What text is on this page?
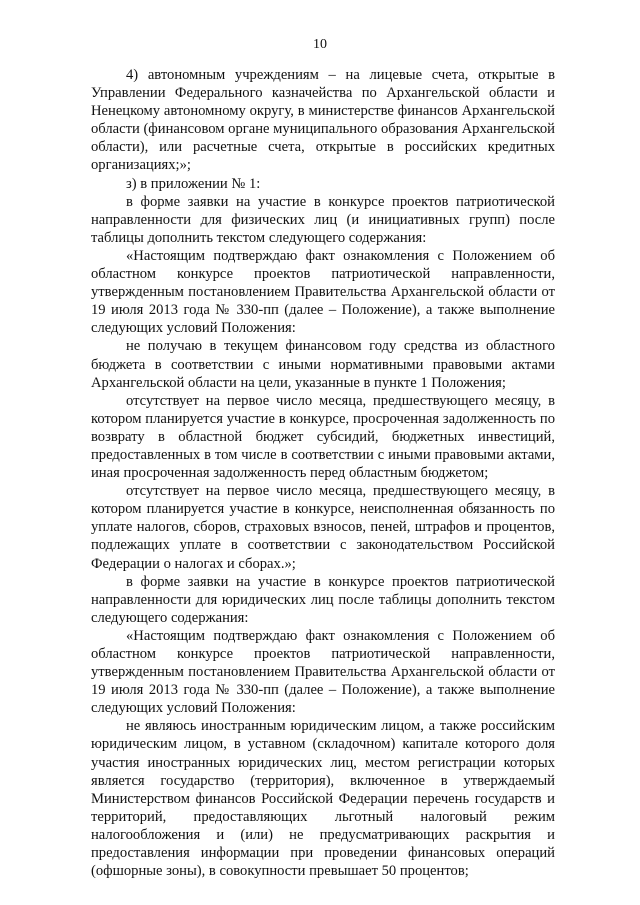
10

4) автономным учреждениям – на лицевые счета, открытые в Управлении Федерального казначейства по Архангельской области и Ненецкому автономному округу, в министерстве финансов Архангельской области (финансовом органе муниципального образования Архангельской области), или расчетные счета, открытые в российских кредитных организациях;»;

з) в приложении № 1:

в форме заявки на участие в конкурсе проектов патриотической направленности для физических лиц (и инициативных групп) после таблицы дополнить текстом следующего содержания:

«Настоящим подтверждаю факт ознакомления с Положением об областном конкурсе проектов патриотической направленности, утвержденным постановлением Правительства Архангельской области от 19 июля 2013 года № 330-пп (далее – Положение), а также выполнение следующих условий Положения:

не получаю в текущем финансовом году средства из областного бюджета в соответствии с иными нормативными правовыми актами Архангельской области на цели, указанные в пункте 1 Положения;

отсутствует на первое число месяца, предшествующего месяцу, в котором планируется участие в конкурсе, просроченная задолженность по возврату в областной бюджет субсидий, бюджетных инвестиций, предоставленных в том числе в соответствии с иными правовыми актами, иная просроченная задолженность перед областным бюджетом;

отсутствует на первое число месяца, предшествующего месяцу, в котором планируется участие в конкурсе, неисполненная обязанность по уплате налогов, сборов, страховых взносов, пеней, штрафов и процентов, подлежащих уплате в соответствии с законодательством Российской Федерации о налогах и сборах.»;

в форме заявки на участие в конкурсе проектов патриотической направленности для юридических лиц после таблицы дополнить текстом следующего содержания:

«Настоящим подтверждаю факт ознакомления с Положением об областном конкурсе проектов патриотической направленности, утвержденным постановлением Правительства Архангельской области от 19 июля 2013 года № 330-пп (далее – Положение), а также выполнение следующих условий Положения:

не являюсь иностранным юридическим лицом, а также российским юридическим лицом, в уставном (складочном) капитале которого доля участия иностранных юридических лиц, местом регистрации которых является государство (территория), включенное в утверждаемый Министерством финансов Российской Федерации перечень государств и территорий, предоставляющих льготный налоговый режим налогообложения и (или) не предусматривающих раскрытия и предоставления информации при проведении финансовых операций (офшорные зоны), в совокупности превышает 50 процентов;
